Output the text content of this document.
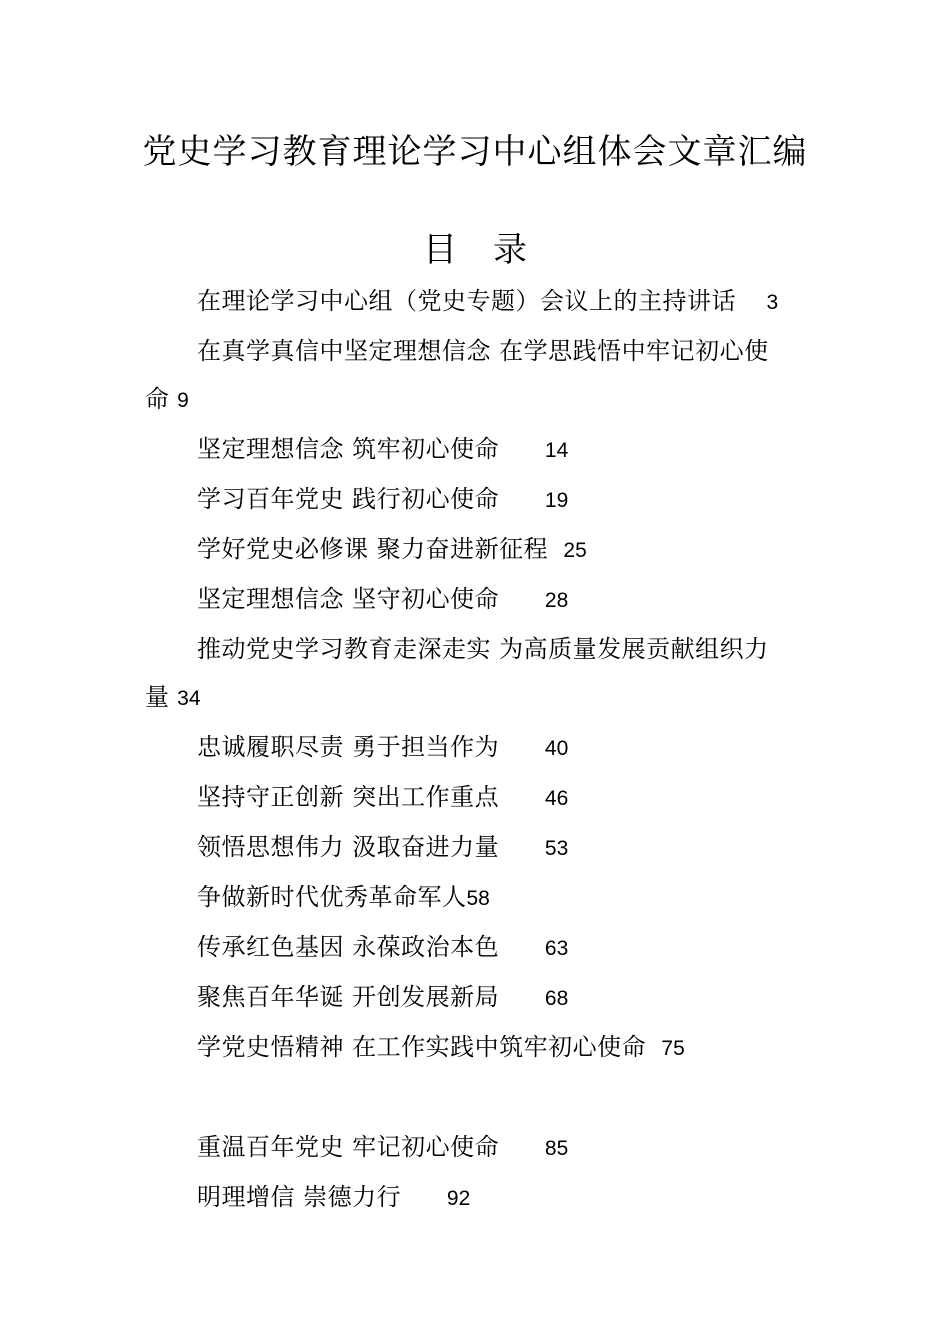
党史学习教育理论学习中心组体会文章汇编
目 录
在理论学习中心组（党史专题）会议上的主持讲话 3
在真学真信中坚定理想信念 在学思践悟中牢记初心使
命 9
坚定理想信念 筑牢初心使命 14
学习百年党史 践行初心使命 19
学好党史必修课 聚力奋进新征程 25
坚定理想信念 坚守初心使命 28
推动党史学习教育走深走实 为高质量发展贡献组织力
量 34
忠诚履职尽责 勇于担当作为 40
坚持守正创新 突出工作重点 46
领悟思想伟力 汲取奋进力量 53
争做新时代优秀革命军人58
传承红色基因 永葆政治本色 63
聚焦百年华诞 开创发展新局 68
学党史悟精神 在工作实践中筑牢初心使命 75
重温百年党史 牢记初心使命 85
明理增信 崇德力行 92
